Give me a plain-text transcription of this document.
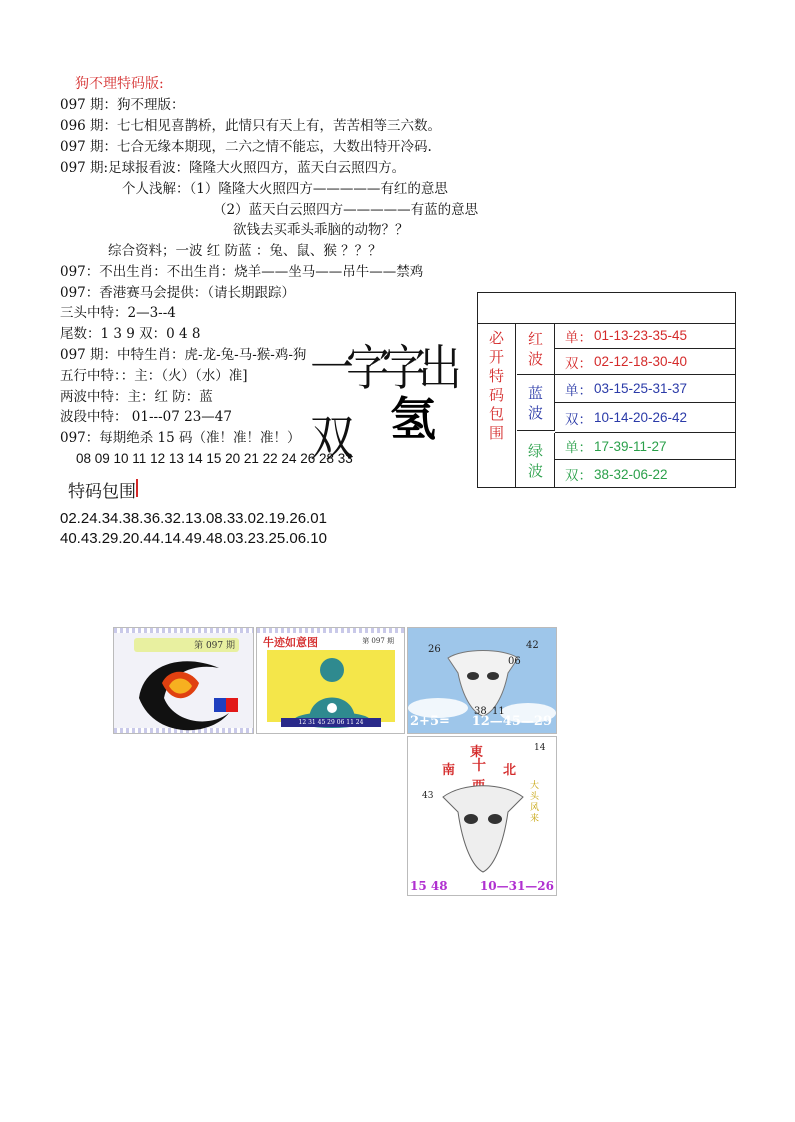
狗不理特码版:
097 期：狗不理版：
096 期：七七相见喜鹊桥，此情只有天上有，苦苦相等三六数。
097 期：七合无缘本期现，二六之情不能忘，大数出特开冷码.
097 期:足球报看波：隆隆大火照四方，蓝天白云照四方。
个人浅解：（1）隆隆大火照四方—————有红的意思
（2）蓝天白云照四方—————有蓝的意思
欲钱去买乖头乖脑的动物？？
综合资料；一波 红 防蓝 ：兔、鼠、猴 ？？？
097：不出生肖：不出生肖：烧羊——坐马——吊牛——禁鸡
097：香港赛马会提供：（请长期跟踪）
三头中特：2—3--4
尾数：1 3 9 双：0 4 8
097 期：中特生肖：虎-龙-兔-马-猴-鸡-狗
五行中特：：主：（火）（水）准]
两波中特：主：红 防：蓝
波段中特： 01---07 23—47
097：每期绝杀 15 码（准！准！准！）
08 09 10 11 12 13 14 15 20 21 22 24 26 28 33
一字字出双 氢
必
开
特
码
包
围
红
波
单： 01-13-23-35-45
双： 02-12-18-30-40
蓝
波
单： 03-15-25-31-37
双： 10-14-20-26-42
绿
波
单： 17-39-11-27
双： 38-32-06-22
特码包围
02.24.34.38.36.32.13.08.33.02.19.26.01
40.43.29.20.44.14.49.48.03.23.25.06.10
第 097 期	牛迹如意图	第 097 期
12 31 45 29 06 11 24
26	42
06
38 11
2+5= 12—45—29
東
南 十 北
14
43
大头风来
15 48	10—31—26
